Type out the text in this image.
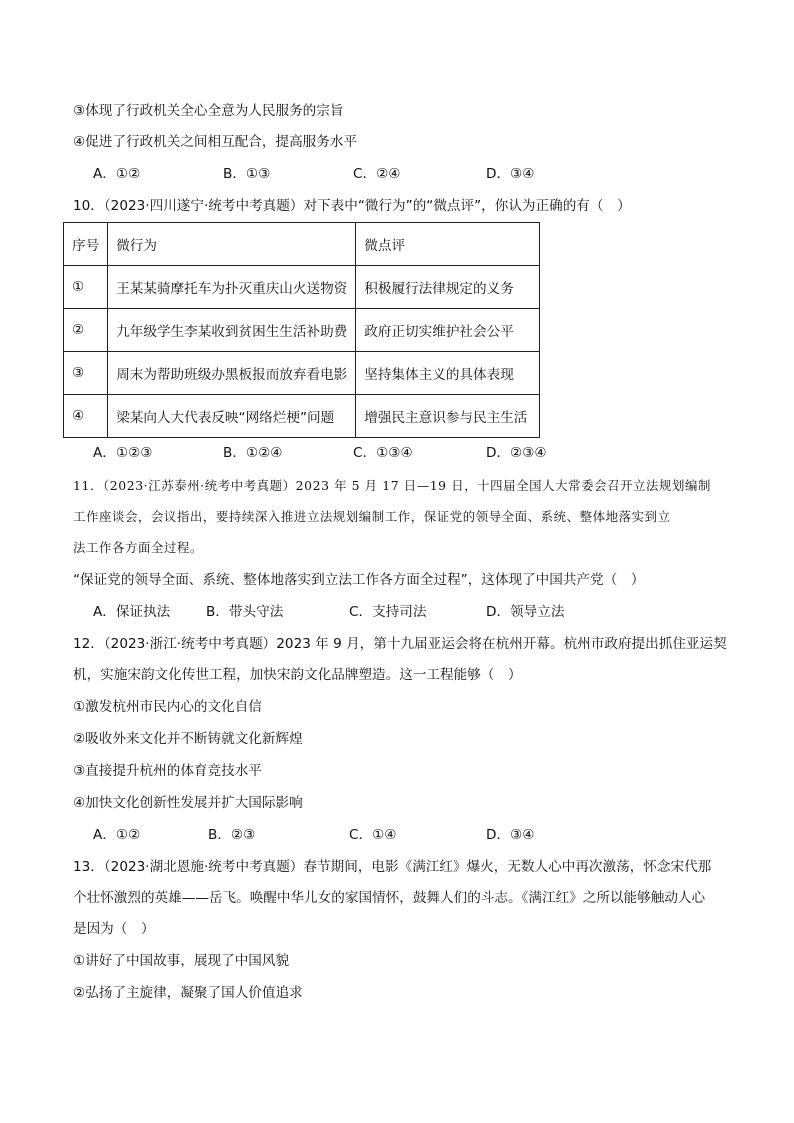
③体现了行政机关全心全意为人民服务的宗旨
④促进了行政机关之间相互配合，提高服务水平
A．①②	B．①③	C．②④	D．③④
10．（2023·四川遂宁·统考中考真题）对下表中“微行为”的“微点评”，你认为正确的有（　）
序号	微行为	微点评
①	王某某骑摩托车为扑灭重庆山火送物资	积极履行法律规定的义务
②	九年级学生李某收到贫困生生活补助费	政府正切实维护社会公平
③	周末为帮助班级办黑板报而放弃看电影	坚持集体主义的具体表现
④	梁某向人大代表反映“网络烂梗”问题	增强民主意识参与民主生活
A．①②③	B．①②④	C．①③④	D．②③④
11．（2023·江苏泰州·统考中考真题）2023 年 5 月 17 日—19 日，十四届全国人大常委会召开立法规划编制
工作座谈会，会议指出，要持续深入推进立法规划编制工作，保证党的领导全面、系统、整体地落实到立
法工作各方面全过程。
“保证党的领导全面、系统、整体地落实到立法工作各方面全过程”，这体现了中国共产党（　）
A．保证执法	B．带头守法	C．支持司法	D．领导立法
12．（2023·浙江·统考中考真题）2023 年 9 月，第十九届亚运会将在杭州开幕。杭州市政府提出抓住亚运契
机，实施宋韵文化传世工程，加快宋韵文化品牌塑造。这一工程能够（　）
①激发杭州市民内心的文化自信
②吸收外来文化并不断铸就文化新辉煌
③直接提升杭州的体育竞技水平
④加快文化创新性发展并扩大国际影响
A．①②	B．②③	C．①④	D．③④
13．（2023·湖北恩施·统考中考真题）春节期间，电影《满江红》爆火，无数人心中再次激荡，怀念宋代那
个壮怀激烈的英雄——岳飞。唤醒中华儿女的家国情怀，鼓舞人们的斗志。《满江红》之所以能够触动人心
是因为（　）
①讲好了中国故事，展现了中国风貌
②弘扬了主旋律，凝聚了国人价值追求
